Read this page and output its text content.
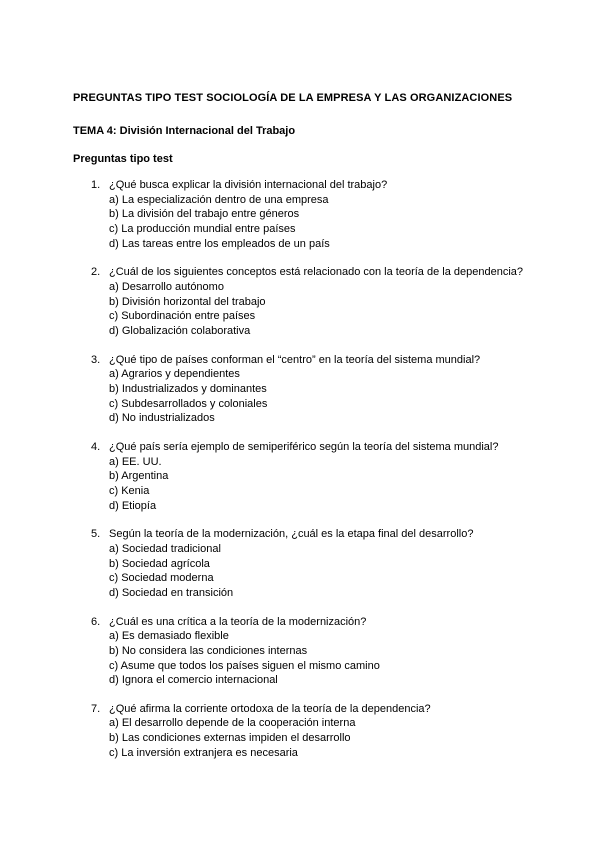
PREGUNTAS TIPO TEST SOCIOLOGÍA DE LA EMPRESA Y LAS ORGANIZACIONES
TEMA 4: División Internacional del Trabajo
Preguntas tipo test
1. ¿Qué busca explicar la división internacional del trabajo?
a) La especialización dentro de una empresa
b) La división del trabajo entre géneros
c) La producción mundial entre países
d) Las tareas entre los empleados de un país
2. ¿Cuál de los siguientes conceptos está relacionado con la teoría de la dependencia?
a) Desarrollo autónomo
b) División horizontal del trabajo
c) Subordinación entre países
d) Globalización colaborativa
3. ¿Qué tipo de países conforman el “centro” en la teoría del sistema mundial?
a) Agrarios y dependientes
b) Industrializados y dominantes
c) Subdesarrollados y coloniales
d) No industrializados
4. ¿Qué país sería ejemplo de semiperiférico según la teoría del sistema mundial?
a) EE. UU.
b) Argentina
c) Kenia
d) Etiopía
5. Según la teoría de la modernización, ¿cuál es la etapa final del desarrollo?
a) Sociedad tradicional
b) Sociedad agrícola
c) Sociedad moderna
d) Sociedad en transición
6. ¿Cuál es una crítica a la teoría de la modernización?
a) Es demasiado flexible
b) No considera las condiciones internas
c) Asume que todos los países siguen el mismo camino
d) Ignora el comercio internacional
7. ¿Qué afirma la corriente ortodoxa de la teoría de la dependencia?
a) El desarrollo depende de la cooperación interna
b) Las condiciones externas impiden el desarrollo
c) La inversión extranjera es necesaria
